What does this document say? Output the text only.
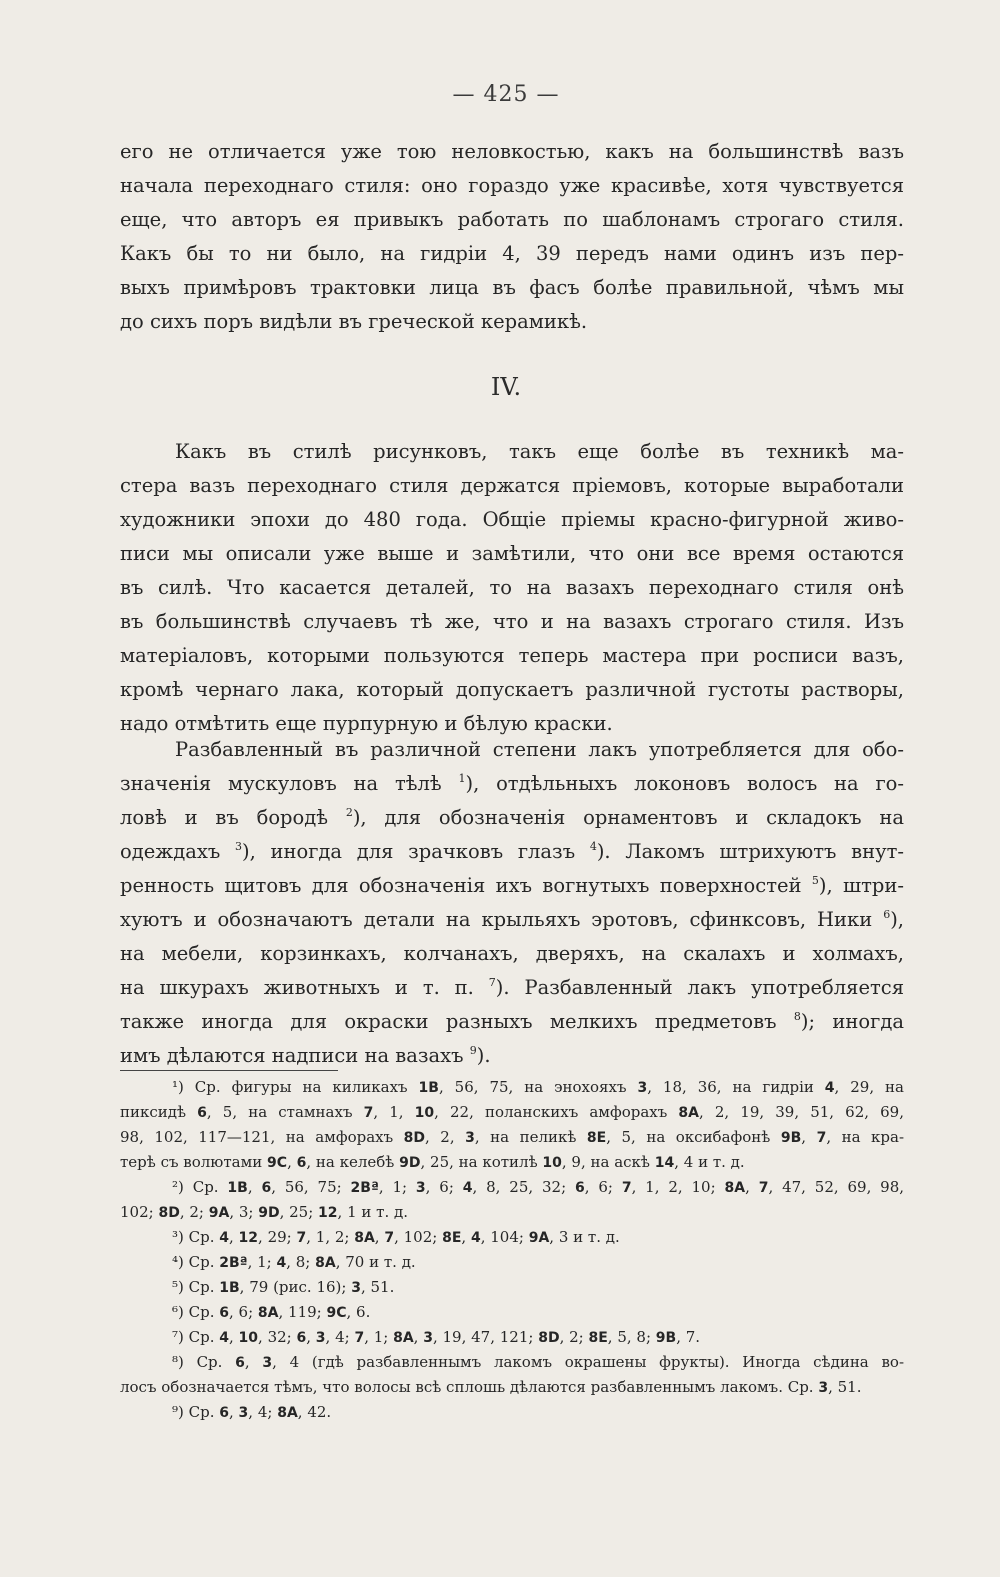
— 425 —
его не отличается уже тою неловкостью, какъ на большинствѣ вазъ
начала переходнаго стиля: оно гораздо уже красивѣе, хотя чувствуется
еще, что авторъ ея привыкъ работать по шаблонамъ строгаго стиля.
Какъ бы то ни было, на гидріи 4, 39 передъ нами одинъ изъ пер-
выхъ примѣровъ трактовки лица въ фасъ болѣе правильной, чѣмъ мы
до сихъ поръ видѣли въ греческой керамикѣ.
IV.
Какъ въ стилѣ рисунковъ, такъ еще болѣе въ техникѣ ма-
стера вазъ переходнаго стиля держатся пріемовъ, которые выработали
художники эпохи до 480 года. Общіе пріемы красно-фигурной живо-
писи мы описали уже выше и замѣтили, что они все время остаются
въ силѣ. Что касается деталей, то на вазахъ переходнаго стиля онѣ
въ большинствѣ случаевъ тѣ же, что и на вазахъ строгаго стиля. Изъ
матеріаловъ, которыми пользуются теперь мастера при росписи вазъ,
кромѣ чернаго лака, который допускаетъ различной густоты растворы,
надо отмѣтить еще пурпурную и бѣлую краски.
Разбавленный въ различной степени лакъ употребляется для обо-
значенія мускуловъ на тѣлѣ $^1$), отдѣльныхъ локоновъ волосъ на го-
ловѣ и въ бородѣ $^2$), для обозначенія орнаментовъ и складокъ на
одеждахъ $^3$), иногда для зрачковъ глазъ $^4$). Лакомъ штрихуютъ внут-
ренность щитовъ для обозначенія ихъ вогнутыхъ поверхностей $^5$), штри-
хуютъ и обозначаютъ детали на крыльяхъ эротовъ, сфинксовъ, Ники $^6$),
на мебели, корзинкахъ, колчанахъ, дверяхъ, на скалахъ и холмахъ,
на шкурахъ животныхъ и т. п. $^7$). Разбавленный лакъ употребляется
также иногда для окраски разныхъ мелкихъ предметовъ $^8$); иногда
имъ дѣлаются надписи на вазахъ $^9$).
¹) Ср. фигуры на киликахъ 1B, 56, 75, на энохояхъ 3, 18, 36, на гидріи 4, 29, на
пиксидѣ 6, 5, на стамнахъ 7, 1, 10, 22, поланскихъ амфорахъ 8A, 2, 19, 39, 51, 62, 69,
98, 102, 117—121, на амфорахъ 8D, 2, 3, на пеликѣ 8E, 5, на оксибафонѣ 9B, 7, на кра-
терѣ съ волютами 9C, 6, на келебѣ 9D, 25, на котилѣ 10, 9, на аскѣ 14, 4 и т. д.
²) Ср. 1B, 6, 56, 75; 2Bª, 1; 3, 6; 4, 8, 25, 32; 6, 6; 7, 1, 2, 10; 8A, 7, 47, 52, 69, 98,
102; 8D, 2; 9A, 3; 9D, 25; 12, 1 и т. д.
³) Ср. 4, 12, 29; 7, 1, 2; 8A, 7, 102; 8E, 4, 104; 9A, 3 и т. д.
⁴) Ср. 2Bª, 1; 4, 8; 8A, 70 и т. д.
⁵) Ср. 1B, 79 (рис. 16); 3, 51.
⁶) Ср. 6, 6; 8A, 119; 9C, 6.
⁷) Ср. 4, 10, 32; 6, 3, 4; 7, 1; 8A, 3, 19, 47, 121; 8D, 2; 8E, 5, 8; 9B, 7.
⁸) Ср. 6, 3, 4 (гдѣ разбавленнымъ лакомъ окрашены фрукты). Иногда сѣдина во-
лосъ обозначается тѣмъ, что волосы всѣ сплошь дѣлаются разбавленнымъ лакомъ. Ср. 3, 51.
⁹) Ср. 6, 3, 4; 8A, 42.
